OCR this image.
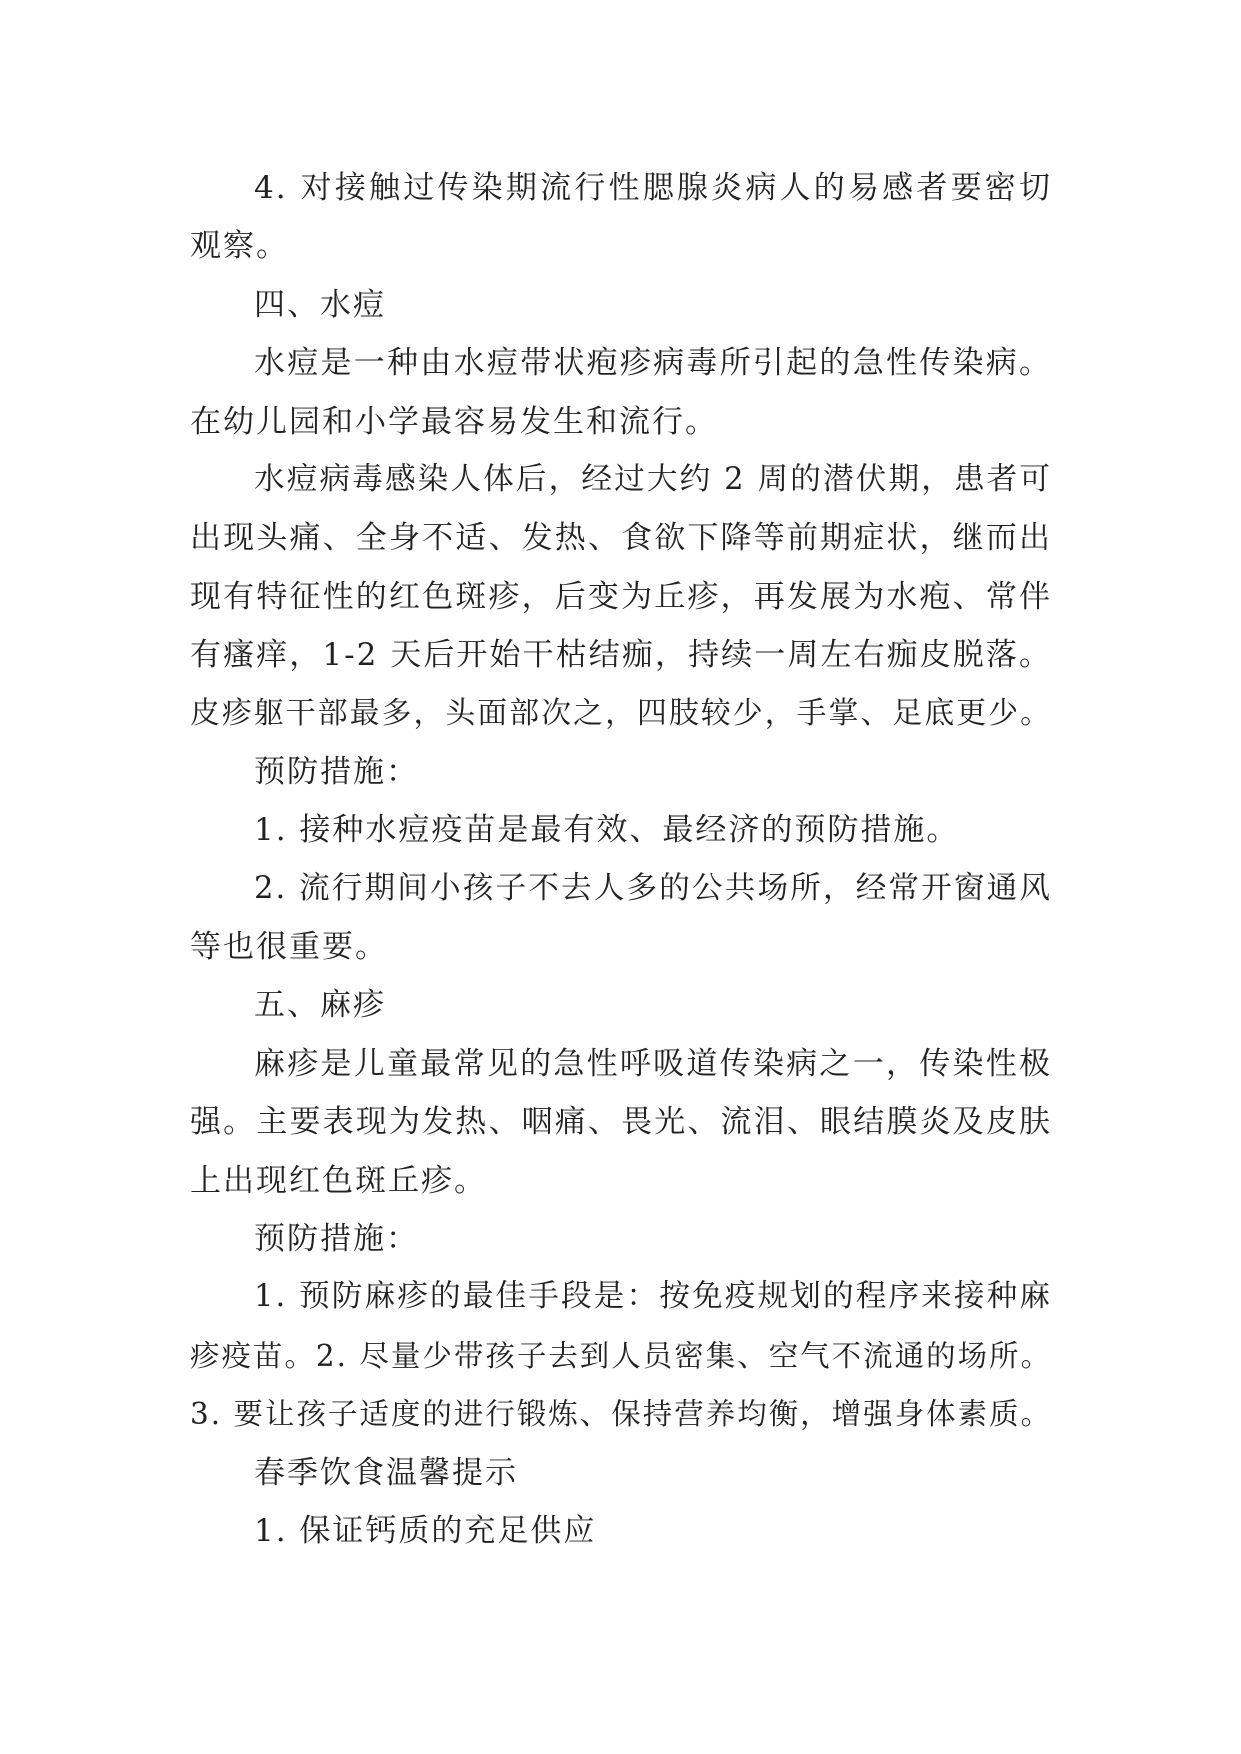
4. 对接触过传染期流行性腮腺炎病人的易感者要密切
观察。
四、水痘
水痘是一种由水痘带状疱疹病毒所引起的急性传染病。
在幼儿园和小学最容易发生和流行。
水痘病毒感染人体后，经过大约 2 周的潜伏期，患者可
出现头痛、全身不适、发热、食欲下降等前期症状，继而出
现有特征性的红色斑疹，后变为丘疹，再发展为水疱、常伴
有瘙痒，1-2 天后开始干枯结痂，持续一周左右痂皮脱落。
皮疹躯干部最多，头面部次之，四肢较少，手掌、足底更少。
预防措施：
1. 接种水痘疫苗是最有效、最经济的预防措施。
2. 流行期间小孩子不去人多的公共场所，经常开窗通风
等也很重要。
五、麻疹
麻疹是儿童最常见的急性呼吸道传染病之一，传染性极
强。主要表现为发热、咽痛、畏光、流泪、眼结膜炎及皮肤
上出现红色斑丘疹。
预防措施：
1. 预防麻疹的最佳手段是：按免疫规划的程序来接种麻
疹疫苗。2. 尽量少带孩子去到人员密集、空气不流通的场所。
3. 要让孩子适度的进行锻炼、保持营养均衡，增强身体素质。
春季饮食温馨提示
1. 保证钙质的充足供应
